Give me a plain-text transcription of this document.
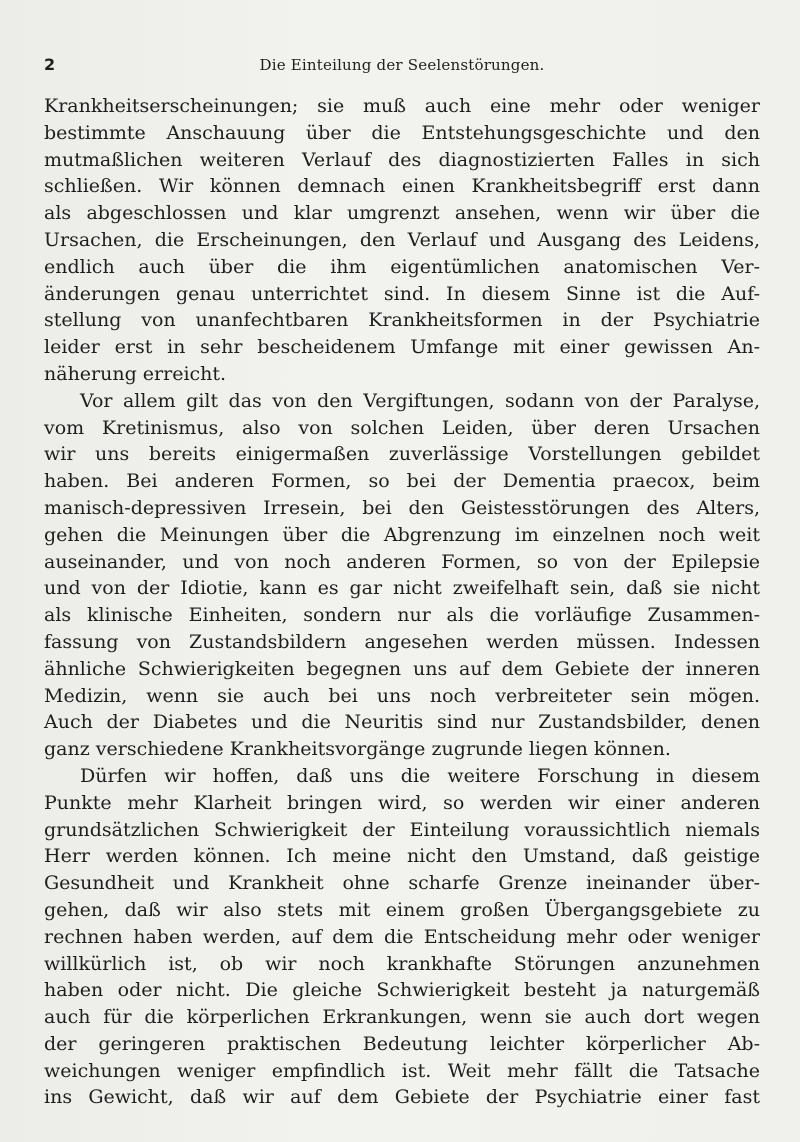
2	Die Einteilung der Seelenstörungen.
Krankheitserscheinungen; sie muß auch eine mehr oder weniger
bestimmte Anschauung über die Entstehungsgeschichte und den
mutmaßlichen weiteren Verlauf des diagnostizierten Falles in sich
schließen. Wir können demnach einen Krankheitsbegriff erst dann
als abgeschlossen und klar umgrenzt ansehen, wenn wir über die
Ursachen, die Erscheinungen, den Verlauf und Ausgang des Leidens,
endlich auch über die ihm eigentümlichen anatomischen Ver-
änderungen genau unterrichtet sind. In diesem Sinne ist die Auf-
stellung von unanfechtbaren Krankheitsformen in der Psychiatrie
leider erst in sehr bescheidenem Umfange mit einer gewissen An-
näherung erreicht.
Vor allem gilt das von den Vergiftungen, sodann von der Paralyse,
vom Kretinismus, also von solchen Leiden, über deren Ursachen
wir uns bereits einigermaßen zuverlässige Vorstellungen gebildet
haben. Bei anderen Formen, so bei der Dementia praecox, beim
manisch-depressiven Irresein, bei den Geistesstörungen des Alters,
gehen die Meinungen über die Abgrenzung im einzelnen noch weit
auseinander, und von noch anderen Formen, so von der Epilepsie
und von der Idiotie, kann es gar nicht zweifelhaft sein, daß sie nicht
als klinische Einheiten, sondern nur als die vorläufige Zusammen-
fassung von Zustandsbildern angesehen werden müssen. Indessen
ähnliche Schwierigkeiten begegnen uns auf dem Gebiete der inneren
Medizin, wenn sie auch bei uns noch verbreiteter sein mögen.
Auch der Diabetes und die Neuritis sind nur Zustandsbilder, denen
ganz verschiedene Krankheitsvorgänge zugrunde liegen können.
Dürfen wir hoffen, daß uns die weitere Forschung in diesem
Punkte mehr Klarheit bringen wird, so werden wir einer anderen
grundsätzlichen Schwierigkeit der Einteilung voraussichtlich niemals
Herr werden können. Ich meine nicht den Umstand, daß geistige
Gesundheit und Krankheit ohne scharfe Grenze ineinander über-
gehen, daß wir also stets mit einem großen Übergangsgebiete zu
rechnen haben werden, auf dem die Entscheidung mehr oder weniger
willkürlich ist, ob wir noch krankhafte Störungen anzunehmen
haben oder nicht. Die gleiche Schwierigkeit besteht ja naturgemäß
auch für die körperlichen Erkrankungen, wenn sie auch dort wegen
der geringeren praktischen Bedeutung leichter körperlicher Ab-
weichungen weniger empfindlich ist. Weit mehr fällt die Tatsache
ins Gewicht, daß wir auf dem Gebiete der Psychiatrie einer fast
